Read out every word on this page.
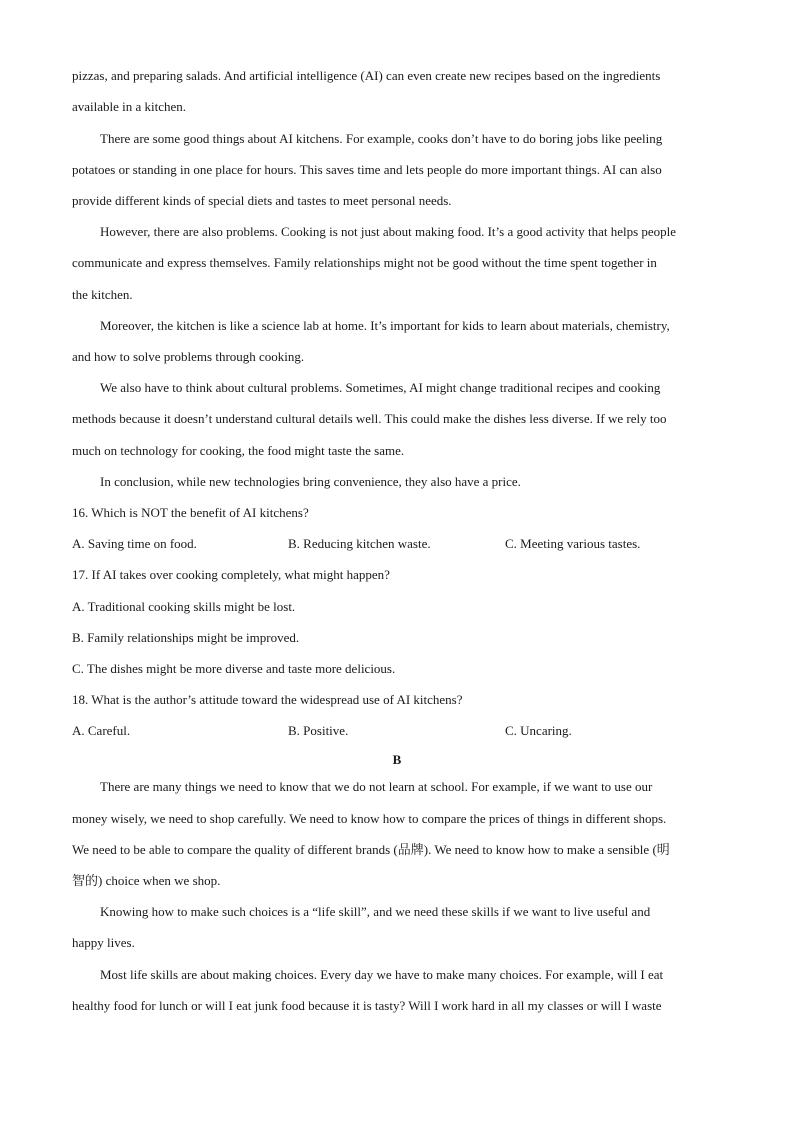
pizzas, and preparing salads. And artificial intelligence (AI) can even create new recipes based on the ingredients
available in a kitchen.
There are some good things about AI kitchens. For example, cooks don’t have to do boring jobs like peeling
potatoes or standing in one place for hours. This saves time and lets people do more important things. AI can also
provide different kinds of special diets and tastes to meet personal needs.
However, there are also problems. Cooking is not just about making food. It’s a good activity that helps people
communicate and express themselves. Family relationships might not be good without the time spent together in
the kitchen.
Moreover, the kitchen is like a science lab at home. It’s important for kids to learn about materials, chemistry,
and how to solve problems through cooking.
We also have to think about cultural problems. Sometimes, AI might change traditional recipes and cooking
methods because it doesn’t understand cultural details well. This could make the dishes less diverse. If we rely too
much on technology for cooking, the food might taste the same.
In conclusion, while new technologies bring convenience, they also have a price.
16. Which is NOT the benefit of AI kitchens?
A. Saving time on food.	B. Reducing kitchen waste.	C. Meeting various tastes.
17. If AI takes over cooking completely, what might happen?
A. Traditional cooking skills might be lost.
B. Family relationships might be improved.
C. The dishes might be more diverse and taste more delicious.
18. What is the author’s attitude toward the widespread use of AI kitchens?
A. Careful.	B. Positive.	C. Uncaring.
B
There are many things we need to know that we do not learn at school. For example, if we want to use our
money wisely, we need to shop carefully. We need to know how to compare the prices of things in different shops.
We need to be able to compare the quality of different brands (品牌). We need to know how to make a sensible (明
智的) choice when we shop.
Knowing how to make such choices is a “life skill”, and we need these skills if we want to live useful and
happy lives.
Most life skills are about making choices. Every day we have to make many choices. For example, will I eat
healthy food for lunch or will I eat junk food because it is tasty? Will I work hard in all my classes or will I waste
